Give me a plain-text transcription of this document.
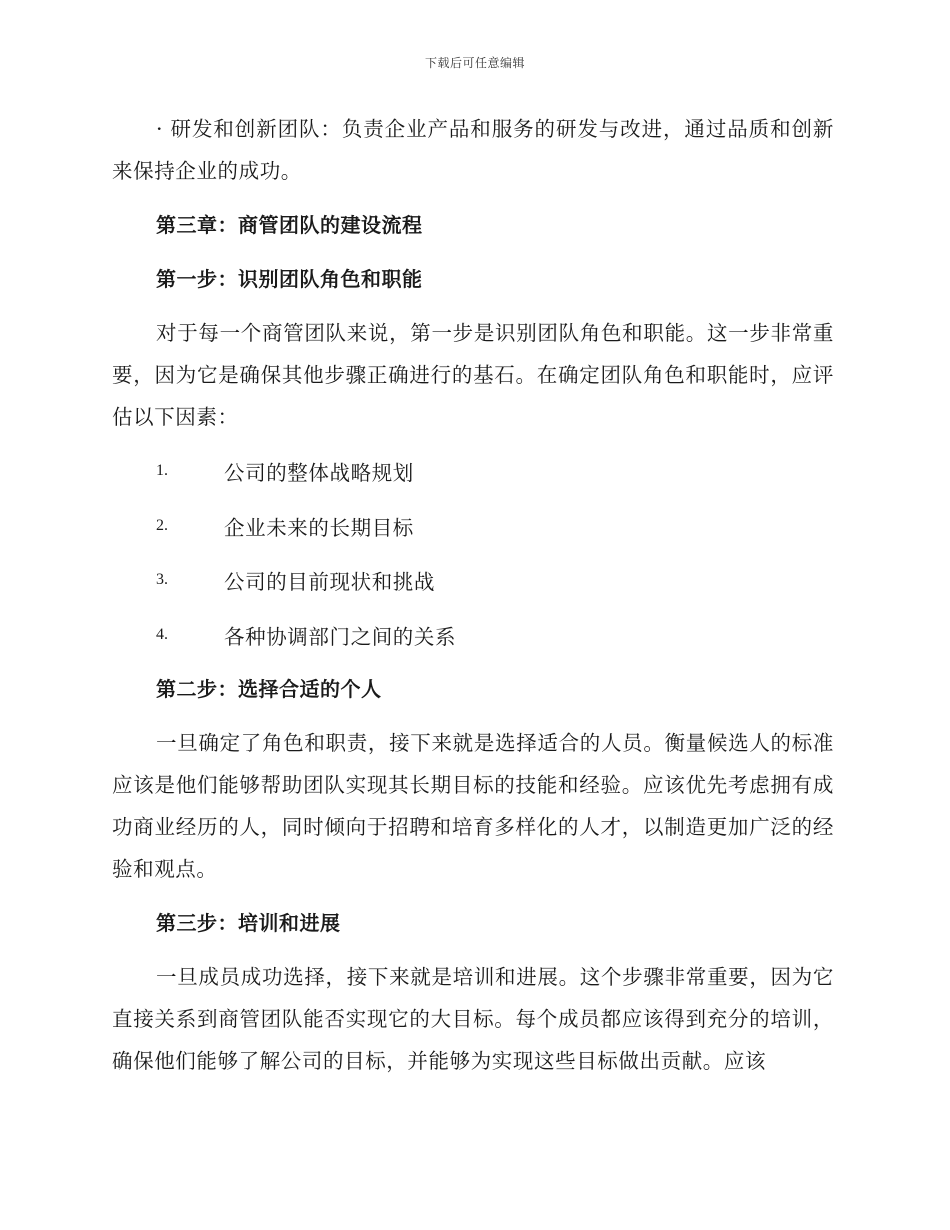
下载后可任意编辑

· 研发和创新团队：负责企业产品和服务的研发与改进，通过品质和创新来保持企业的成功。

第三章：商管团队的建设流程
第一步：识别团队角色和职能

对于每一个商管团队来说，第一步是识别团队角色和职能。这一步非常重要，因为它是确保其他步骤正确进行的基石。在确定团队角色和职能时，应评估以下因素：

1.	公司的整体战略规划
2.	企业未来的长期目标
3.	公司的目前现状和挑战
4.	各种协调部门之间的关系
第二步：选择合适的个人

一旦确定了角色和职责，接下来就是选择适合的人员。衡量候选人的标准应该是他们能够帮助团队实现其长期目标的技能和经验。应该优先考虑拥有成功商业经历的人，同时倾向于招聘和培育多样化的人才，以制造更加广泛的经验和观点。

第三步：培训和进展

一旦成员成功选择，接下来就是培训和进展。这个步骤非常重要，因为它直接关系到商管团队能否实现它的大目标。每个成员都应该得到充分的培训，确保他们能够了解公司的目标，并能够为实现这些目标做出贡献。应该
